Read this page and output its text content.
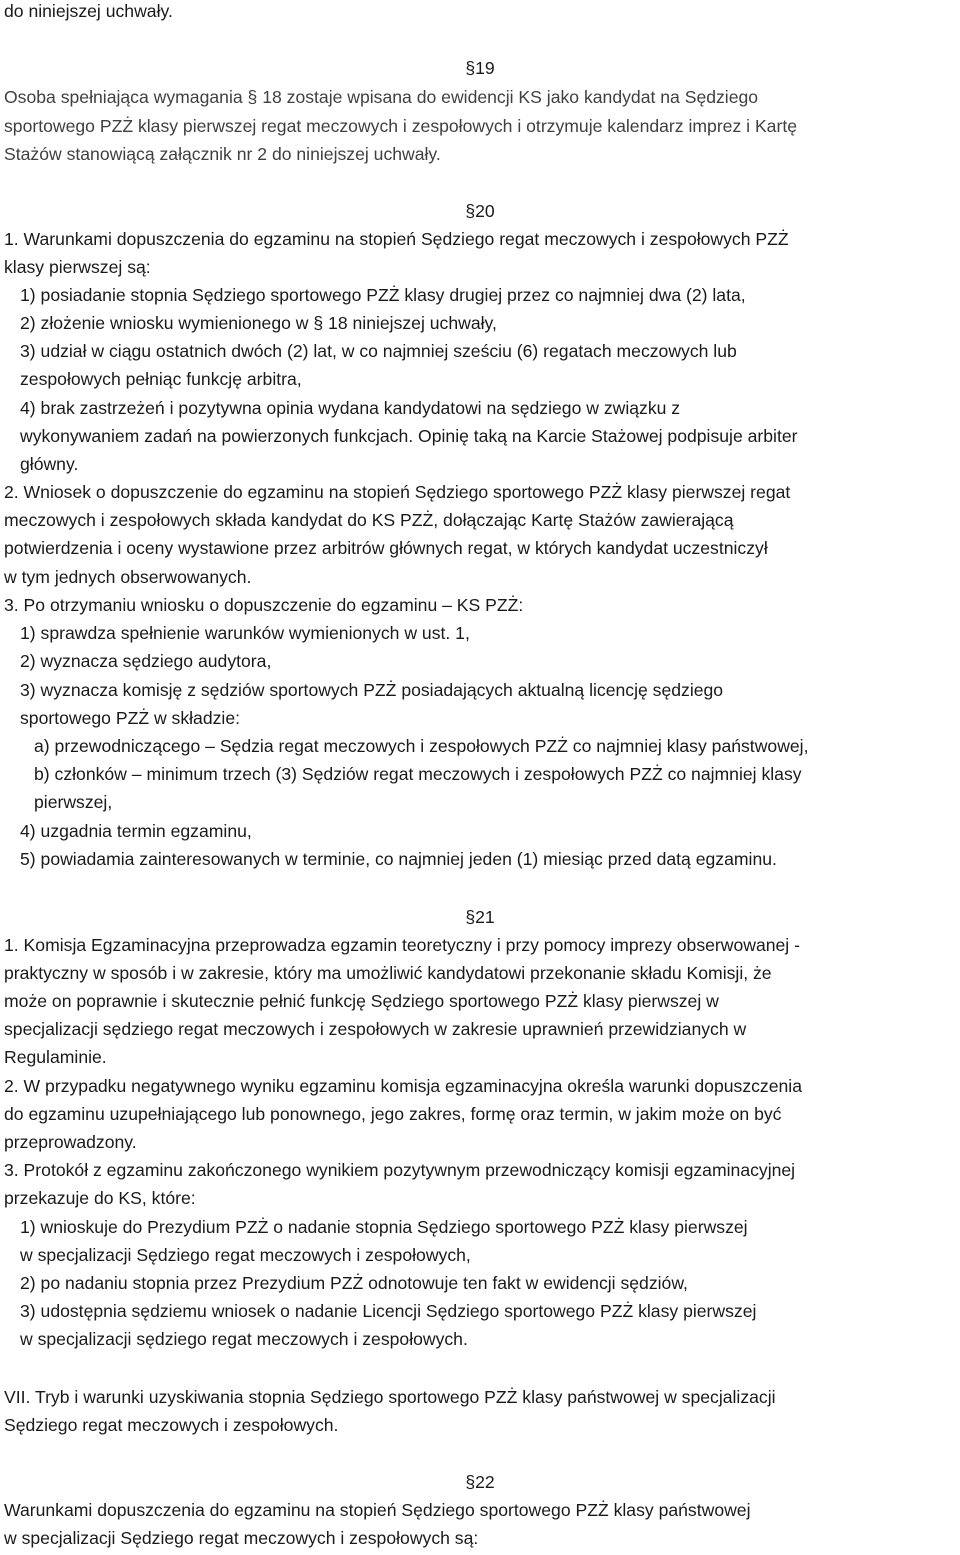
do niniejszej uchwały.
§19
Osoba spełniająca wymagania § 18 zostaje wpisana do ewidencji KS jako kandydat na Sędziego
sportowego PZŻ klasy pierwszej regat meczowych i zespołowych i otrzymuje kalendarz imprez i Kartę
Stażów stanowiącą załącznik nr 2 do niniejszej uchwały.
§20
1. Warunkami dopuszczenia do egzaminu na stopień Sędziego regat meczowych i zespołowych PZŻ
klasy pierwszej są:
1) posiadanie stopnia Sędziego sportowego PZŻ klasy drugiej przez co najmniej dwa (2) lata,
2) złożenie wniosku wymienionego w § 18 niniejszej uchwały,
3) udział w ciągu ostatnich dwóch (2) lat, w co najmniej sześciu (6) regatach meczowych lub
zespołowych pełniąc funkcję arbitra,
4) brak zastrzeżeń i pozytywna opinia wydana kandydatowi na sędziego w związku z
wykonywaniem zadań na powierzonych funkcjach. Opinię taką na Karcie Stażowej podpisuje arbiter
główny.
2. Wniosek o dopuszczenie do egzaminu na stopień Sędziego sportowego PZŻ klasy pierwszej regat
meczowych i zespołowych składa kandydat do KS PZŻ, dołączając Kartę Stażów zawierającą
potwierdzenia i oceny wystawione przez arbitrów głównych regat, w których kandydat uczestniczył
w tym jednych obserwowanych.
3. Po otrzymaniu wniosku o dopuszczenie do egzaminu – KS PZŻ:
1) sprawdza spełnienie warunków wymienionych w ust. 1,
2) wyznacza sędziego audytora,
3) wyznacza komisję z sędziów sportowych PZŻ posiadających aktualną licencję sędziego
sportowego PZŻ w składzie:
a) przewodniczącego – Sędzia regat meczowych i zespołowych PZŻ co najmniej klasy państwowej,
b) członków – minimum trzech (3) Sędziów regat meczowych i zespołowych PZŻ co najmniej klasy
pierwszej,
4) uzgadnia termin egzaminu,
5) powiadamia zainteresowanych w terminie, co najmniej jeden (1) miesiąc przed datą egzaminu.
§21
1. Komisja Egzaminacyjna przeprowadza egzamin teoretyczny i przy pomocy imprezy obserwowanej -
praktyczny w sposób i w zakresie, który ma umożliwić kandydatowi przekonanie składu Komisji, że
może on poprawnie i skutecznie pełnić funkcję Sędziego sportowego PZŻ klasy pierwszej w
specjalizacji sędziego regat meczowych i zespołowych w zakresie uprawnień przewidzianych w
Regulaminie.
2. W przypadku negatywnego wyniku egzaminu komisja egzaminacyjna określa warunki dopuszczenia
do egzaminu uzupełniającego lub ponownego, jego zakres, formę oraz termin, w jakim może on być
przeprowadzony.
3. Protokół z egzaminu zakończonego wynikiem pozytywnym przewodniczący komisji egzaminacyjnej
przekazuje do KS, które:
1) wnioskuje do Prezydium PZŻ o nadanie stopnia Sędziego sportowego PZŻ klasy pierwszej
w specjalizacji Sędziego regat meczowych i zespołowych,
2) po nadaniu stopnia przez Prezydium PZŻ odnotowuje ten fakt w ewidencji sędziów,
3) udostępnia sędziemu wniosek o nadanie Licencji Sędziego sportowego PZŻ klasy pierwszej
w specjalizacji sędziego regat meczowych i zespołowych.
VII. Tryb i warunki uzyskiwania stopnia Sędziego sportowego PZŻ klasy państwowej w specjalizacji
Sędziego regat meczowych i zespołowych.
§22
Warunkami dopuszczenia do egzaminu na stopień Sędziego sportowego PZŻ klasy państwowej
w specjalizacji Sędziego regat meczowych i zespołowych są:
